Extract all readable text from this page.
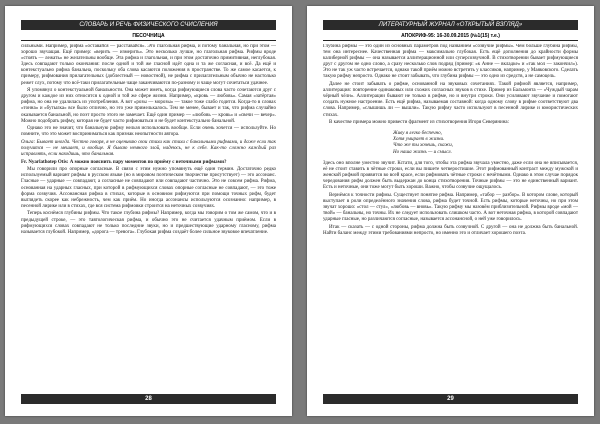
СЛОВАРЬ И РЕЧЬ ФИЗИЧЕСКОГО СЧИСЛЕНИЯ
ПЕСОЧНИЦА

сильными. Например, рифма «оставайся — расставайся». Это глагольная рифма, и потому банальная, но при этом — хорошо звучащая. Ещё пример: «верить — измерить». Это несколько лучше, но глагольная рифма. Рифмы вроде «стоять — лежать» не желательны вообще. Эта рифма и глагольная, и при этом достаточно примитивная, неглубокая. Здесь совпадают только окончания: после одной и той же гласной идёт одна и та же согласная, и всё. Да ещё и контекстуально рифма банальна, поскольку оба слова касаются положения в пространстве. То же самое касается, к примеру, рифмования прилагательных (доблестный — новостной), не рифма с прилагательным обычно не настолько режет слух, потому что всё-таки прилагательные чаще заканчиваются по-разному и чаще могут сочетаться удачнее.

Я упомянул о контекстуальной банальности. Она может иметь, когда рифмующиеся слова часто сочетаются друг с другом и каждое из них относится к одной и той же сфере жизни. Например, «кровь — любовь». Самая «затёртая» рифма, но она не удалилась из употребления. А вот «розы — морозы» — такое тоже слабо годится. Когда-то в словах «тонна» и «бутылка» все было отлично, но это уже примелькалось. Тем не менее, бывает и так, что рифма случайно оказывается банальной, но поэт просто этого не замечает. Ещё один пример — «любовь — кровь» и «свечи — вечер». Можно подобрать рифму, которая не будет часто рифмоваться и не будет контекстуально банальной.

Однако это не значит, что банальную рифму нельзя использовать вообще. Если очень хочется — используйте. Но помните, что это может восприниматься как признак неопытности автора.

Ольга: Бывает иногда. Честно говоря, я не оцениваю свои стихи как стихи с банальными рифмами, и даже если так получится — не мешает, и вообще. Я бываю немного злой, надеюсь, не к себе. Как-то сложно каждый раз исправлять, если находишь, что банальная.

Fr. Nyarlathotep Otis: А можно пояснить пару моментов по приёму с неточными рифмами?

Мы говорили про опорные согласные. В связи с этим нужно упомянуть ещё один термин. Достаточно редко используемый вариант рифмы в русском языке (но в мировом поэтическом творчестве присутствует) — это ассонанс. Гласные — ударные — совпадают, а согласные не совпадают или совпадают частично. Это не совсем рифма. Рифма, основанная на ударных гласных, при которой в рифмующихся словах опорные согласные не совпадают, — это тоже форма созвучия. Ассонансная рифма в стихах, которые в основном рифмуются при помощи точных рифм, будет выглядеть скорее как небрежность, чем как приём. Но иногда ассонансы используются осознанно: например, в песенной лирике или в стихах, где вся система рифмовки строится на неточных созвучиях.

Теперь коснёмся глубины рифмы. Что такое глубина рифмы? Например, когда мы говорим о том же самом, что и в предыдущей строке, — это тавтологическая рифма, и обычно это не считается удачным приёмом. Если в рифмующихся словах совпадают не только последние звуки, но и предшествующие ударному гласному, рифма называется глубокой. Например, «дорога — тревога». Глубокая рифма создаёт более сильное звуковое впечатление.

28
ЛИТЕРАТУРНЫЙ ЖУРНАЛ «ОТКРЫТЫЙ ВЗГЛЯД»
АПОКРИФ-95: 16-30.09.2015 (№1(15) т.е.)

Глубина рифмы — это один из основных параметров под названием «созвучие рифмы». Чем больше глубина рифмы, тем она интереснее. Качественная рифма — максимально глубокая. Есть ещё дополнения до крайности формы калиберной рифмы — она называется аллитерационной или суперсозвучной. В стихотворении бывает рифмующиеся друг с другом не одно слово, а сразу несколько слов подряд (пример: «к Анне — вкладке» и «так мол — закончил»). Это не так уж часто встречается, однако такой приём можно встретить у классиков, например, у Маяковского. Сделать такую рифму непросто. Однако не стоит забывать, что глубина рифмы — это одно из средств, а не самоцель.

Далее не стоит забывать о рифме, основанной на звуковых сочетаниях. Такой рифмой является, например, аллитерация: повторение одинаковых или схожих согласных звуков в стихе. Пример из Бальмонта — «Чуждый чарам чёрный чёлн». Аллитерации бывают не только в рифме, но и внутри строки. Они усиливают звучание и помогают создать нужное настроение. Есть ещё рифма, называемая составной: когда одному слову в рифме соответствуют два слова. Например, «слышишь ли — вышли». Такую рифму часто используют в песенной лирике и юмористических стихах.

В качестве примера можно привести фрагмент из стихотворения Игоря Северянина:

Живу я легко беспечно,
Хотя умирает в жизни.
Что же ты хочешь, скажи,
Но наша жизнь — и смысл.

Здесь оно вполне уместно звучит. Кстати, для того, чтобы эта рифма звучала уместно, даже если она не вписывается, её не стоит ставить в чётные строки, если вы пишете четверостишие. Этот рифмованный контраст между мужской и женской рифмой проявится во всей красе, если рифмовать чётные строки с нечётными. Однако в этом случае порядок чередования рифм должен быть выдержан до конца стихотворения. Точные рифмы — это не единственный вариант. Есть и неточные, они тоже могут быть хороши. Важно, чтобы созвучие ощущалось.

Вернёмся к точности рифмы. Существует понятие рифма. Например, «табор — разбор». В котором слове, который выступает в роли определённого значения слова, рифма будет точной. Есть рифмы, которые неточны, но при этом звучат хорошо: «стол — стул», «любовь — вновь». Такую рифму мы назовём приблизительной. Рифмы вроде «мой — твой» — банальны, но точны. Их не следует использовать слишком часто. А вот неточная рифма, в которой совпадают ударные гласные, но различаются согласные, называется ассонансной, о ней уже говорилось.

Итак — сказать — с одной стороны, рифма должна быть созвучной. С другой — она не должна быть банальной. Найти баланс между этими требованиями непросто, но именно это и отличает хорошего поэта.

29
